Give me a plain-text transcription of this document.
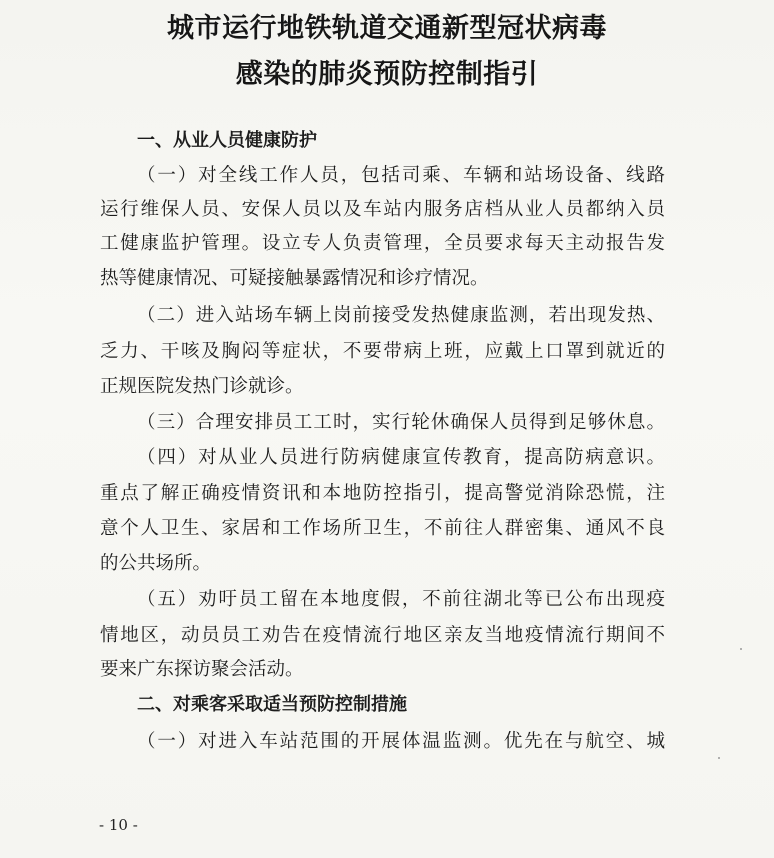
城市运行地铁轨道交通新型冠状病毒
感染的肺炎预防控制指引
一、从业人员健康防护
（一）对全线工作人员，包括司乘、车辆和站场设备、线路
运行维保人员、安保人员以及车站内服务店档从业人员都纳入员
工健康监护管理。设立专人负责管理，全员要求每天主动报告发
热等健康情况、可疑接触暴露情况和诊疗情况。
（二）进入站场车辆上岗前接受发热健康监测，若出现发热、
乏力、干咳及胸闷等症状，不要带病上班，应戴上口罩到就近的
正规医院发热门诊就诊。
（三）合理安排员工工时，实行轮休确保人员得到足够休息。
（四）对从业人员进行防病健康宣传教育，提高防病意识。
重点了解正确疫情资讯和本地防控指引，提高警觉消除恐慌，注
意个人卫生、家居和工作场所卫生，不前往人群密集、通风不良
的公共场所。
（五）劝吁员工留在本地度假，不前往湖北等已公布出现疫
情地区，动员员工劝告在疫情流行地区亲友当地疫情流行期间不
要来广东探访聚会活动。
二、对乘客采取适当预防控制措施
（一）对进入车站范围的开展体温监测。优先在与航空、城
- 10 -
